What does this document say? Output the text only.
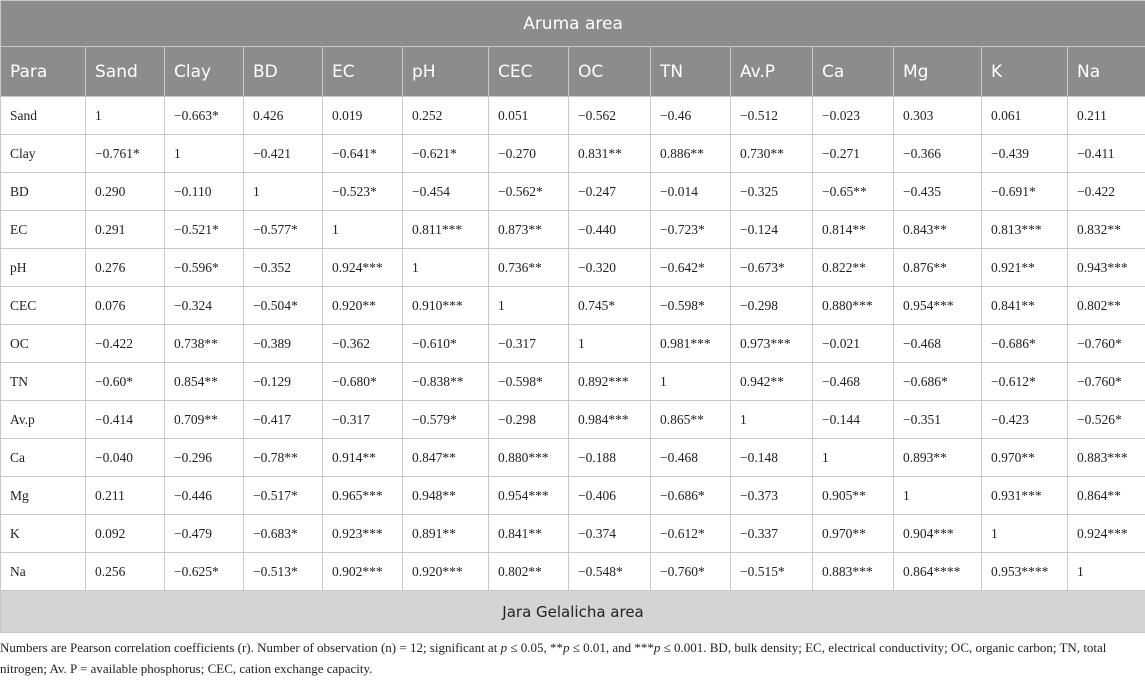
Aruma area													
Para	Sand	Clay	BD	EC	pH	CEC	OC	TN	Av.P	Ca	Mg	K	Na
Sand	1	−0.663*	0.426	0.019	0.252	0.051	−0.562	−0.46	−0.512	−0.023	0.303	0.061	0.211
Clay	−0.761*	1	−0.421	−0.641*	−0.621*	−0.270	0.831**	0.886**	0.730**	−0.271	−0.366	−0.439	−0.411
BD	0.290	−0.110	1	−0.523*	−0.454	−0.562*	−0.247	−0.014	−0.325	−0.65**	−0.435	−0.691*	−0.422
EC	0.291	−0.521*	−0.577*	1	0.811***	0.873**	−0.440	−0.723*	−0.124	0.814**	0.843**	0.813***	0.832**
pH	0.276	−0.596*	−0.352	0.924***	1	0.736**	−0.320	−0.642*	−0.673*	0.822**	0.876**	0.921**	0.943***
CEC	0.076	−0.324	−0.504*	0.920**	0.910***	1	0.745*	−0.598*	−0.298	0.880***	0.954***	0.841**	0.802**
OC	−0.422	0.738**	−0.389	−0.362	−0.610*	−0.317	1	0.981***	0.973***	−0.021	−0.468	−0.686*	−0.760*
TN	−0.60*	0.854**	−0.129	−0.680*	−0.838**	−0.598*	0.892***	1	0.942**	−0.468	−0.686*	−0.612*	−0.760*
Av.p	−0.414	0.709**	−0.417	−0.317	−0.579*	−0.298	0.984***	0.865**	1	−0.144	−0.351	−0.423	−0.526*
Ca	−0.040	−0.296	−0.78**	0.914**	0.847**	0.880***	−0.188	−0.468	−0.148	1	0.893**	0.970**	0.883***
Mg	0.211	−0.446	−0.517*	0.965***	0.948**	0.954***	−0.406	−0.686*	−0.373	0.905**	1	0.931***	0.864**
K	0.092	−0.479	−0.683*	0.923***	0.891**	0.841**	−0.374	−0.612*	−0.337	0.970**	0.904***	1	0.924***
Na	0.256	−0.625*	−0.513*	0.902***	0.920***	0.802**	−0.548*	−0.760*	−0.515*	0.883***	0.864****	0.953****	1
Jara Gelalicha area													

Numbers are Pearson correlation coefficients (r). Number of observation (n) = 12; significant at p ≤ 0.05, **p ≤ 0.01, and ***p ≤ 0.001. BD, bulk density; EC, electrical conductivity; OC, organic carbon; TN, total nitrogen; Av. P = available phosphorus; CEC, cation exchange capacity.
